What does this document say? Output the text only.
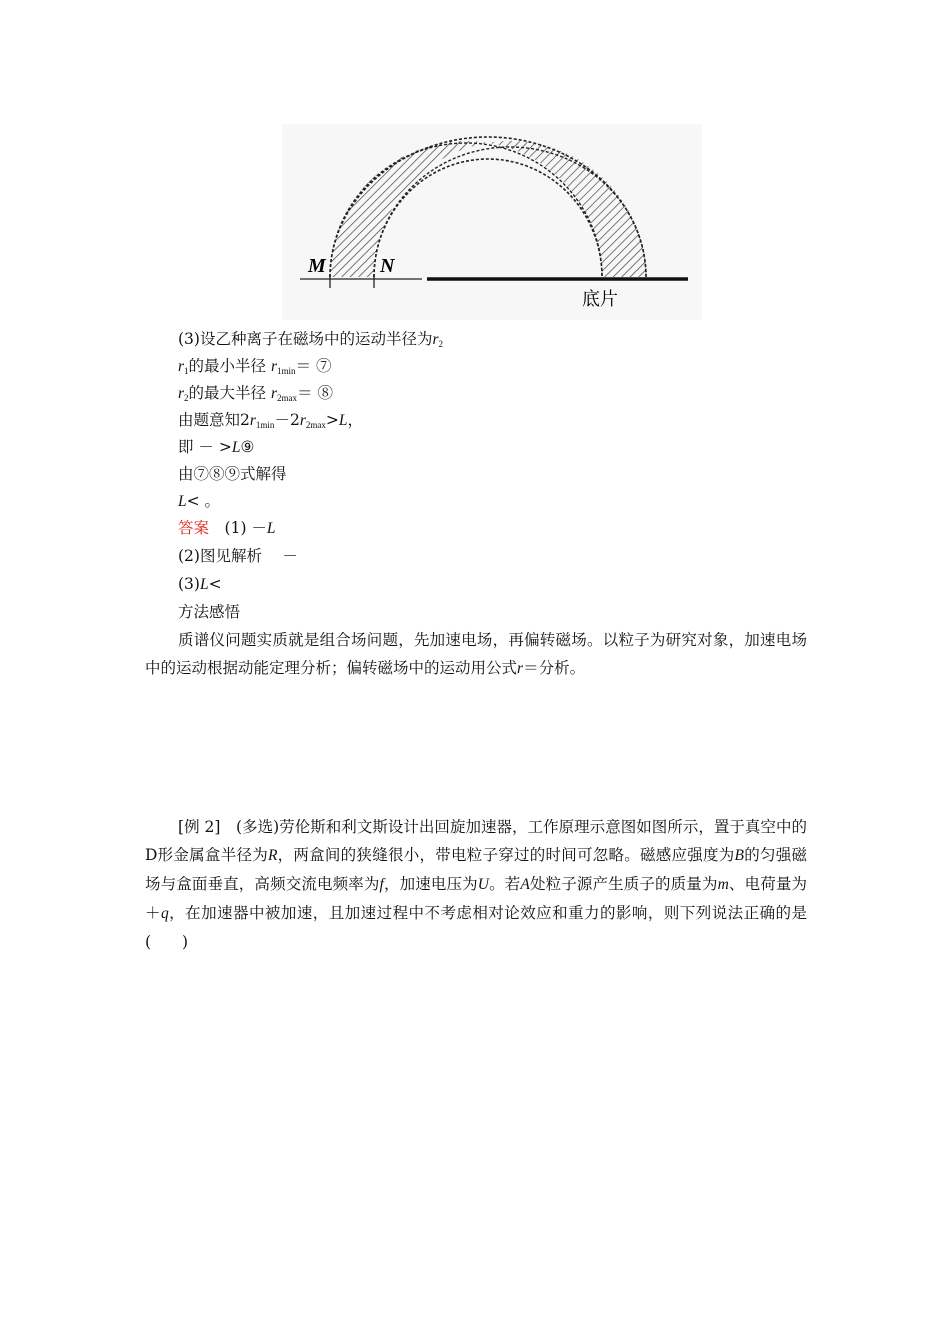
M	N
底片
(3)设乙种离子在磁场中的运动半径为$r_2$
$r_1$的最小半径 $r_{1min}=$ ⑦
$r_2$的最大半径 $r_{2max}=$ ⑧
由题意知$2r_{1min}-2r_{2max}>L$，
即 － >L⑨
由⑦⑧⑨式解得
L< 。
答案　 (1) －L
(2)图见解析　 －
(3)L<
方法感悟
质谱仪问题实质就是组合场问题，先加速电场，再偏转磁场。以粒子为研究对象，加速电场中的运动根据动能定理分析；偏转磁场中的运动用公式r＝分析。
[例 2]　(多选)劳伦斯和利文斯设计出回旋加速器，工作原理示意图如图所示，置于真空中的D形金属盒半径为R，两盒间的狭缝很小，带电粒子穿过的时间可忽略。磁感应强度为B的匀强磁场与盒面垂直，高频交流电频率为f，加速电压为U。若A处粒子源产生质子的质量为m、电荷量为＋q，在加速器中被加速，且加速过程中不考虑相对论效应和重力的影响，则下列说法正确的是(　　)
